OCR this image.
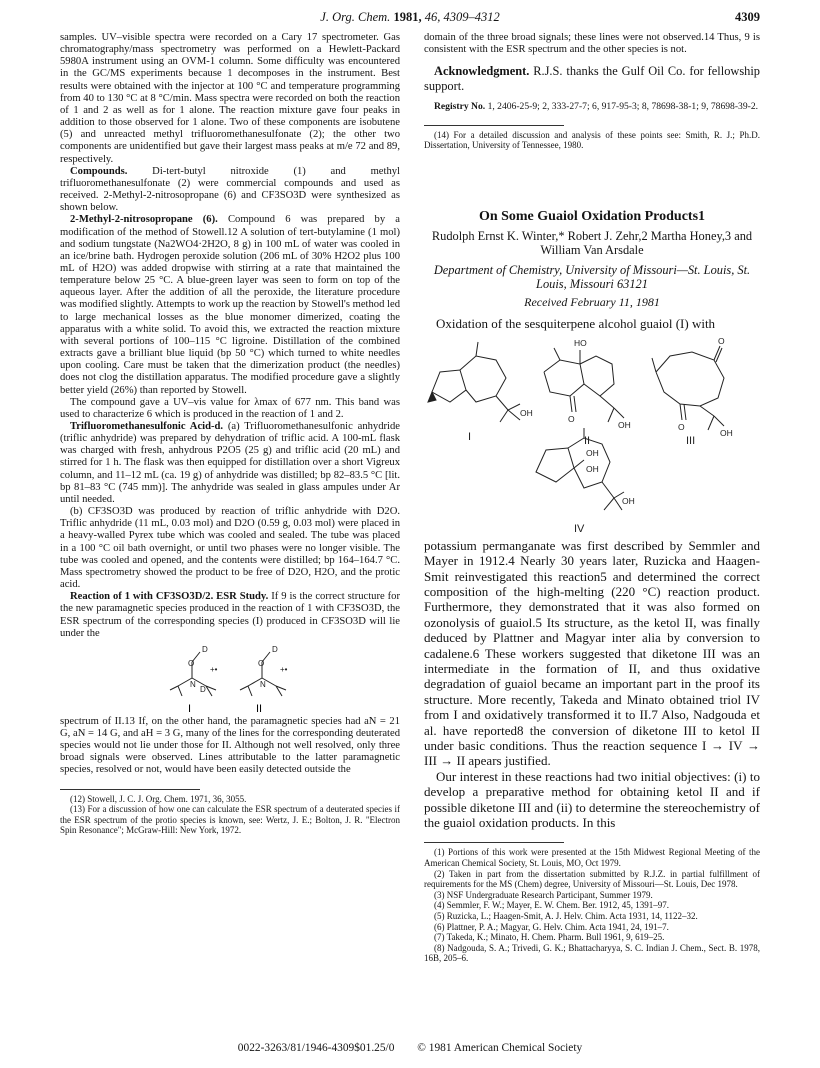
J. Org. Chem. 1981, 46, 4309–4312	4309

samples. UV–visible spectra were recorded on a Cary 17 spectrometer. Gas chromatography/mass spectrometry was performed on a Hewlett-Packard 5980A instrument using an OVM-1 column. Some difficulty was encountered in the GC/MS experiments because 1 decomposes in the instrument. Best results were obtained with the injector at 100 °C and temperature programming from 40 to 130 °C at 8 °C/min. Mass spectra were recorded on both the reaction of 1 and 2 as well as for 1 alone. The reaction mixture gave four peaks in addition to those observed for 1 alone. Two of these components are isobutene (5) and unreacted methyl trifluoromethanesulfonate (2); the other two components are unidentified but gave their largest mass peaks at m/e 72 and 89, respectively.

Compounds. Di-tert-butyl nitroxide (1) and methyl trifluoromethanesulfonate (2) were commercial compounds and used as received. 2-Methyl-2-nitrosopropane (6) and CF3SO3D were synthesized as shown below.

2-Methyl-2-nitrosopropane (6). Compound 6 was prepared by a modification of the method of Stowell.12 A solution of tert-butylamine (1 mol) and sodium tungstate (Na2WO4·2H2O, 8 g) in 100 mL of water was cooled in an ice/brine bath. Hydrogen peroxide solution (206 mL of 30% H2O2 plus 100 mL of H2O) was added dropwise with stirring at a rate that maintained the temperature below 25 °C. A blue-green layer was seen to form on top of the aqueous layer. After the addition of all the peroxide, the literature procedure was modified slightly. Attempts to work up the reaction by Stowell's method led to large mechanical losses as the blue monomer dimerized, coating the apparatus with a white solid. To avoid this, we extracted the reaction mixture with several portions of 100–115 °C ligroine. Distillation of the combined extracts gave a brilliant blue liquid (bp 50 °C) which turned to white needles upon cooling. Care must be taken that the dimerization product (the needles) does not clog the distillation apparatus. The modified procedure gave a slightly better yield (26%) than reported by Stowell.

The compound gave a UV–vis value for λmax of 677 nm. This band was used to characterize 6 which is produced in the reaction of 1 and 2.

Trifluoromethanesulfonic Acid-d. (a) Trifluoromethanesulfonic anhydride (triflic anhydride) was prepared by dehydration of triflic acid. A 100-mL flask was charged with fresh, anhydrous P2O5 (25 g) and triflic acid (20 mL) and stirred for 1 h. The flask was then equipped for distillation over a short Vigreux column, and 11–12 mL (ca. 19 g) of anhydride was distilled; bp 82–83.5 °C [lit. bp 81–83 °C (745 mm)]. The anhydride was sealed in glass ampules under Ar until needed.

(b) CF3SO3D was produced by reaction of triflic anhydride with D2O. Triflic anhydride (11 mL, 0.03 mol) and D2O (0.59 g, 0.03 mol) were placed in a heavy-walled Pyrex tube which was cooled and sealed. The tube was placed in a 100 °C oil bath overnight, or until two phases were no longer visible. The tube was cooled and opened, and the contents were distilled; bp 164–164.7 °C. Mass spectrometry showed the product to be free of D2O, H2O, and the protic acid.

Reaction of 1 with CF3SO3D/2. ESR Study. If 9 is the correct structure for the new paramagnetic species produced in the reaction of 1 with CF3SO3D, the ESR spectrum of the corresponding species (I) produced in CF3SO3D will lie under the

D
O
N
D
+•
D
O
N
+•
I	II

spectrum of II.13 If, on the other hand, the paramagnetic species had aN = 21 G, aN = 14 G, and aH = 3 G, many of the lines for the corresponding deuterated species would not lie under those for II. Although not well resolved, only three broad signals were observed. Lines attributable to the latter paramagnetic species, resolved or not, would have been easily detected outside the

(12) Stowell, J. C. J. Org. Chem. 1971, 36, 3055.

(13) For a discussion of how one can calculate the ESR spectrum of a deuterated species if the ESR spectrum of the protio species is known, see: Wertz, J. E.; Bolton, J. R. "Electron Spin Resonance"; McGraw-Hill: New York, 1972.

domain of the three broad signals; these lines were not observed.14 Thus, 9 is consistent with the ESR spectrum and the other species is not.

Acknowledgment. R.J.S. thanks the Gulf Oil Co. for fellowship support.

Registry No. 1, 2406-25-9; 2, 333-27-7; 6, 917-95-3; 8, 78698-38-1; 9, 78698-39-2.

(14) For a detailed discussion and analysis of these points see: Smith, R. J.; Ph.D. Dissertation, University of Tennessee, 1980.

On Some Guaiol Oxidation Products1
Rudolph Ernst K. Winter,* Robert J. Zehr,2 Martha Honey,3 and William Van Arsdale
Department of Chemistry, University of Missouri—St. Louis, St. Louis, Missouri 63121
Received February 11, 1981

Oxidation of the sesquiterpene alcohol guaiol (I) with

OH
HO
O
OH
O
O
OH
OH
OH
OH
I	II	III
IV

potassium permanganate was first described by Semmler and Mayer in 1912.4 Nearly 30 years later, Ruzicka and Haagen-Smit reinvestigated this reaction5 and determined the correct composition of the high-melting (220 °C) reaction product. Furthermore, they demonstrated that it was also formed on ozonolysis of guaiol.5 Its structure, as the ketol II, was finally deduced by Plattner and Magyar inter alia by conversion to cadalene.6 These workers suggested that diketone III was an intermediate in the formation of II, and thus oxidative degradation of guaiol became an important part in the proof its structure. More recently, Takeda and Minato obtained triol IV from I and oxidatively transformed it to II.7 Also, Nadgouda et al. have reported8 the conversion of diketone III to ketol II under basic conditions. Thus the reaction sequence I → IV → III → II apears justified.

Our interest in these reactions had two initial objectives: (i) to develop a preparative method for obtaining ketol II and if possible diketone III and (ii) to determine the stereochemistry of the guaiol oxidation products. In this

(1) Portions of this work were presented at the 15th Midwest Regional Meeting of the American Chemical Society, St. Louis, MO, Oct 1979.

(2) Taken in part from the dissertation submitted by R.J.Z. in partial fulfillment of requirements for the MS (Chem) degree, University of Missouri—St. Louis, Dec 1978.

(3) NSF Undergraduate Research Participant, Summer 1979.

(4) Semmler, F. W.; Mayer, E. W. Chem. Ber. 1912, 45, 1391–97.

(5) Ruzicka, L.; Haagen-Smit, A. J. Helv. Chim. Acta 1931, 14, 1122–32.

(6) Plattner, P. A.; Magyar, G. Helv. Chim. Acta 1941, 24, 191–7.

(7) Takeda, K.; Minato, H. Chem. Pharm. Bull 1961, 9, 619–25.

(8) Nadgouda, S. A.; Trivedi, G. K.; Bhattacharyya, S. C. Indian J. Chem., Sect. B. 1978, 16B, 205–6.

0022-3263/81/1946-4309$01.25/0 © 1981 American Chemical Society
